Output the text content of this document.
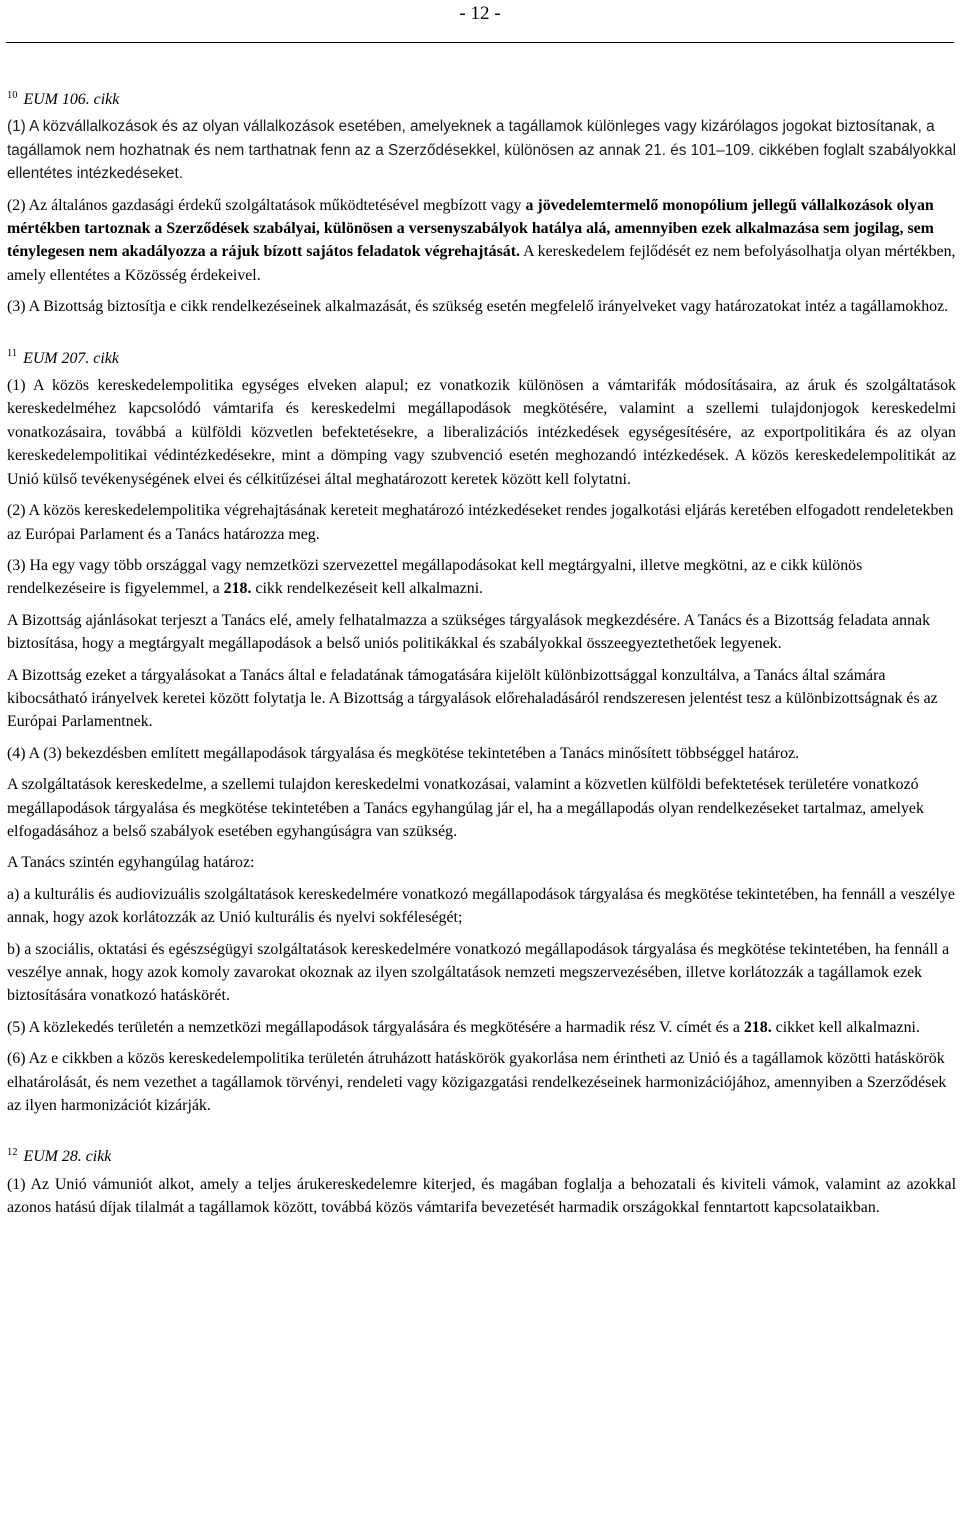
- 12 -

$^{10}$ EUM 106. cikk

(1) A közvállalkozások és az olyan vállalkozások esetében, amelyeknek a tagállamok különleges vagy kizárólagos jogokat biztosítanak, a tagállamok nem hozhatnak és nem tarthatnak fenn az a Szerződésekkel, különösen az annak 21. és 101–109. cikkében foglalt szabályokkal ellentétes intézkedéseket.

(2) Az általános gazdasági érdekű szolgáltatások működtetésével megbízott vagy a jövedelemtermelő monopólium jellegű vállalkozások olyan mértékben tartoznak a Szerződések szabályai, különösen a versenyszabályok hatálya alá, amennyiben ezek alkalmazása sem jogilag, sem ténylegesen nem akadályozza a rájuk bízott sajátos feladatok végrehajtását. A kereskedelem fejlődését ez nem befolyásolhatja olyan mértékben, amely ellentétes a Közösség érdekeivel.

(3) A Bizottság biztosítja e cikk rendelkezéseinek alkalmazását, és szükség esetén megfelelő irányelveket vagy határozatokat intéz a tagállamokhoz.

$^{11}$ EUM 207. cikk

(1) A közös kereskedelempolitika egységes elveken alapul; ez vonatkozik különösen a vámtarifák módosításaira, az áruk és szolgáltatások kereskedelméhez kapcsolódó vámtarifa és kereskedelmi megállapodások megkötésére, valamint a szellemi tulajdonjogok kereskedelmi vonatkozásaira, továbbá a külföldi közvetlen befektetésekre, a liberalizációs intézkedések egységesítésére, az exportpolitikára és az olyan kereskedelempolitikai védintézkedésekre, mint a dömping vagy szubvenció esetén meghozandó intézkedések. A közös kereskedelempolitikát az Unió külső tevékenységének elvei és célkitűzései által meghatározott keretek között kell folytatni.

(2) A közös kereskedelempolitika végrehajtásának kereteit meghatározó intézkedéseket rendes jogalkotási eljárás keretében elfogadott rendeletekben az Európai Parlament és a Tanács határozza meg.

(3) Ha egy vagy több országgal vagy nemzetközi szervezettel megállapodásokat kell megtárgyalni, illetve megkötni, az e cikk különös rendelkezéseire is figyelemmel, a 218. cikk rendelkezéseit kell alkalmazni.

A Bizottság ajánlásokat terjeszt a Tanács elé, amely felhatalmazza a szükséges tárgyalások megkezdésére. A Tanács és a Bizottság feladata annak biztosítása, hogy a megtárgyalt megállapodások a belső uniós politikákkal és szabályokkal összeegyeztethetőek legyenek.

A Bizottság ezeket a tárgyalásokat a Tanács által e feladatának támogatására kijelölt különbizottsággal konzultálva, a Tanács által számára kibocsátható irányelvek keretei között folytatja le. A Bizottság a tárgyalások előrehaladásáról rendszeresen jelentést tesz a különbizottságnak és az Európai Parlamentnek.

(4) A (3) bekezdésben említett megállapodások tárgyalása és megkötése tekintetében a Tanács minősített többséggel határoz.

A szolgáltatások kereskedelme, a szellemi tulajdon kereskedelmi vonatkozásai, valamint a közvetlen külföldi befektetések területére vonatkozó megállapodások tárgyalása és megkötése tekintetében a Tanács egyhangúlag jár el, ha a megállapodás olyan rendelkezéseket tartalmaz, amelyek elfogadásához a belső szabályok esetében egyhangúságra van szükség.

A Tanács szintén egyhangúlag határoz:

a) a kulturális és audiovizuális szolgáltatások kereskedelmére vonatkozó megállapodások tárgyalása és megkötése tekintetében, ha fennáll a veszélye annak, hogy azok korlátozzák az Unió kulturális és nyelvi sokféleségét;

b) a szociális, oktatási és egészségügyi szolgáltatások kereskedelmére vonatkozó megállapodások tárgyalása és megkötése tekintetében, ha fennáll a veszélye annak, hogy azok komoly zavarokat okoznak az ilyen szolgáltatások nemzeti megszervezésében, illetve korlátozzák a tagállamok ezek biztosítására vonatkozó hatáskörét.

(5) A közlekedés területén a nemzetközi megállapodások tárgyalására és megkötésére a harmadik rész V. címét és a 218. cikket kell alkalmazni.

(6) Az e cikkben a közös kereskedelempolitika területén átruházott hatáskörök gyakorlása nem érintheti az Unió és a tagállamok közötti hatáskörök elhatárolását, és nem vezethet a tagállamok törvényi, rendeleti vagy közigazgatási rendelkezéseinek harmonizációjához, amennyiben a Szerződések az ilyen harmonizációt kizárják.

$^{12}$ EUM 28. cikk

(1) Az Unió vámuniót alkot, amely a teljes árukereskedelemre kiterjed, és magában foglalja a behozatali és kiviteli vámok, valamint az azokkal azonos hatású díjak tilalmát a tagállamok között, továbbá közös vámtarifa bevezetését harmadik országokkal fenntartott kapcsolataikban.
